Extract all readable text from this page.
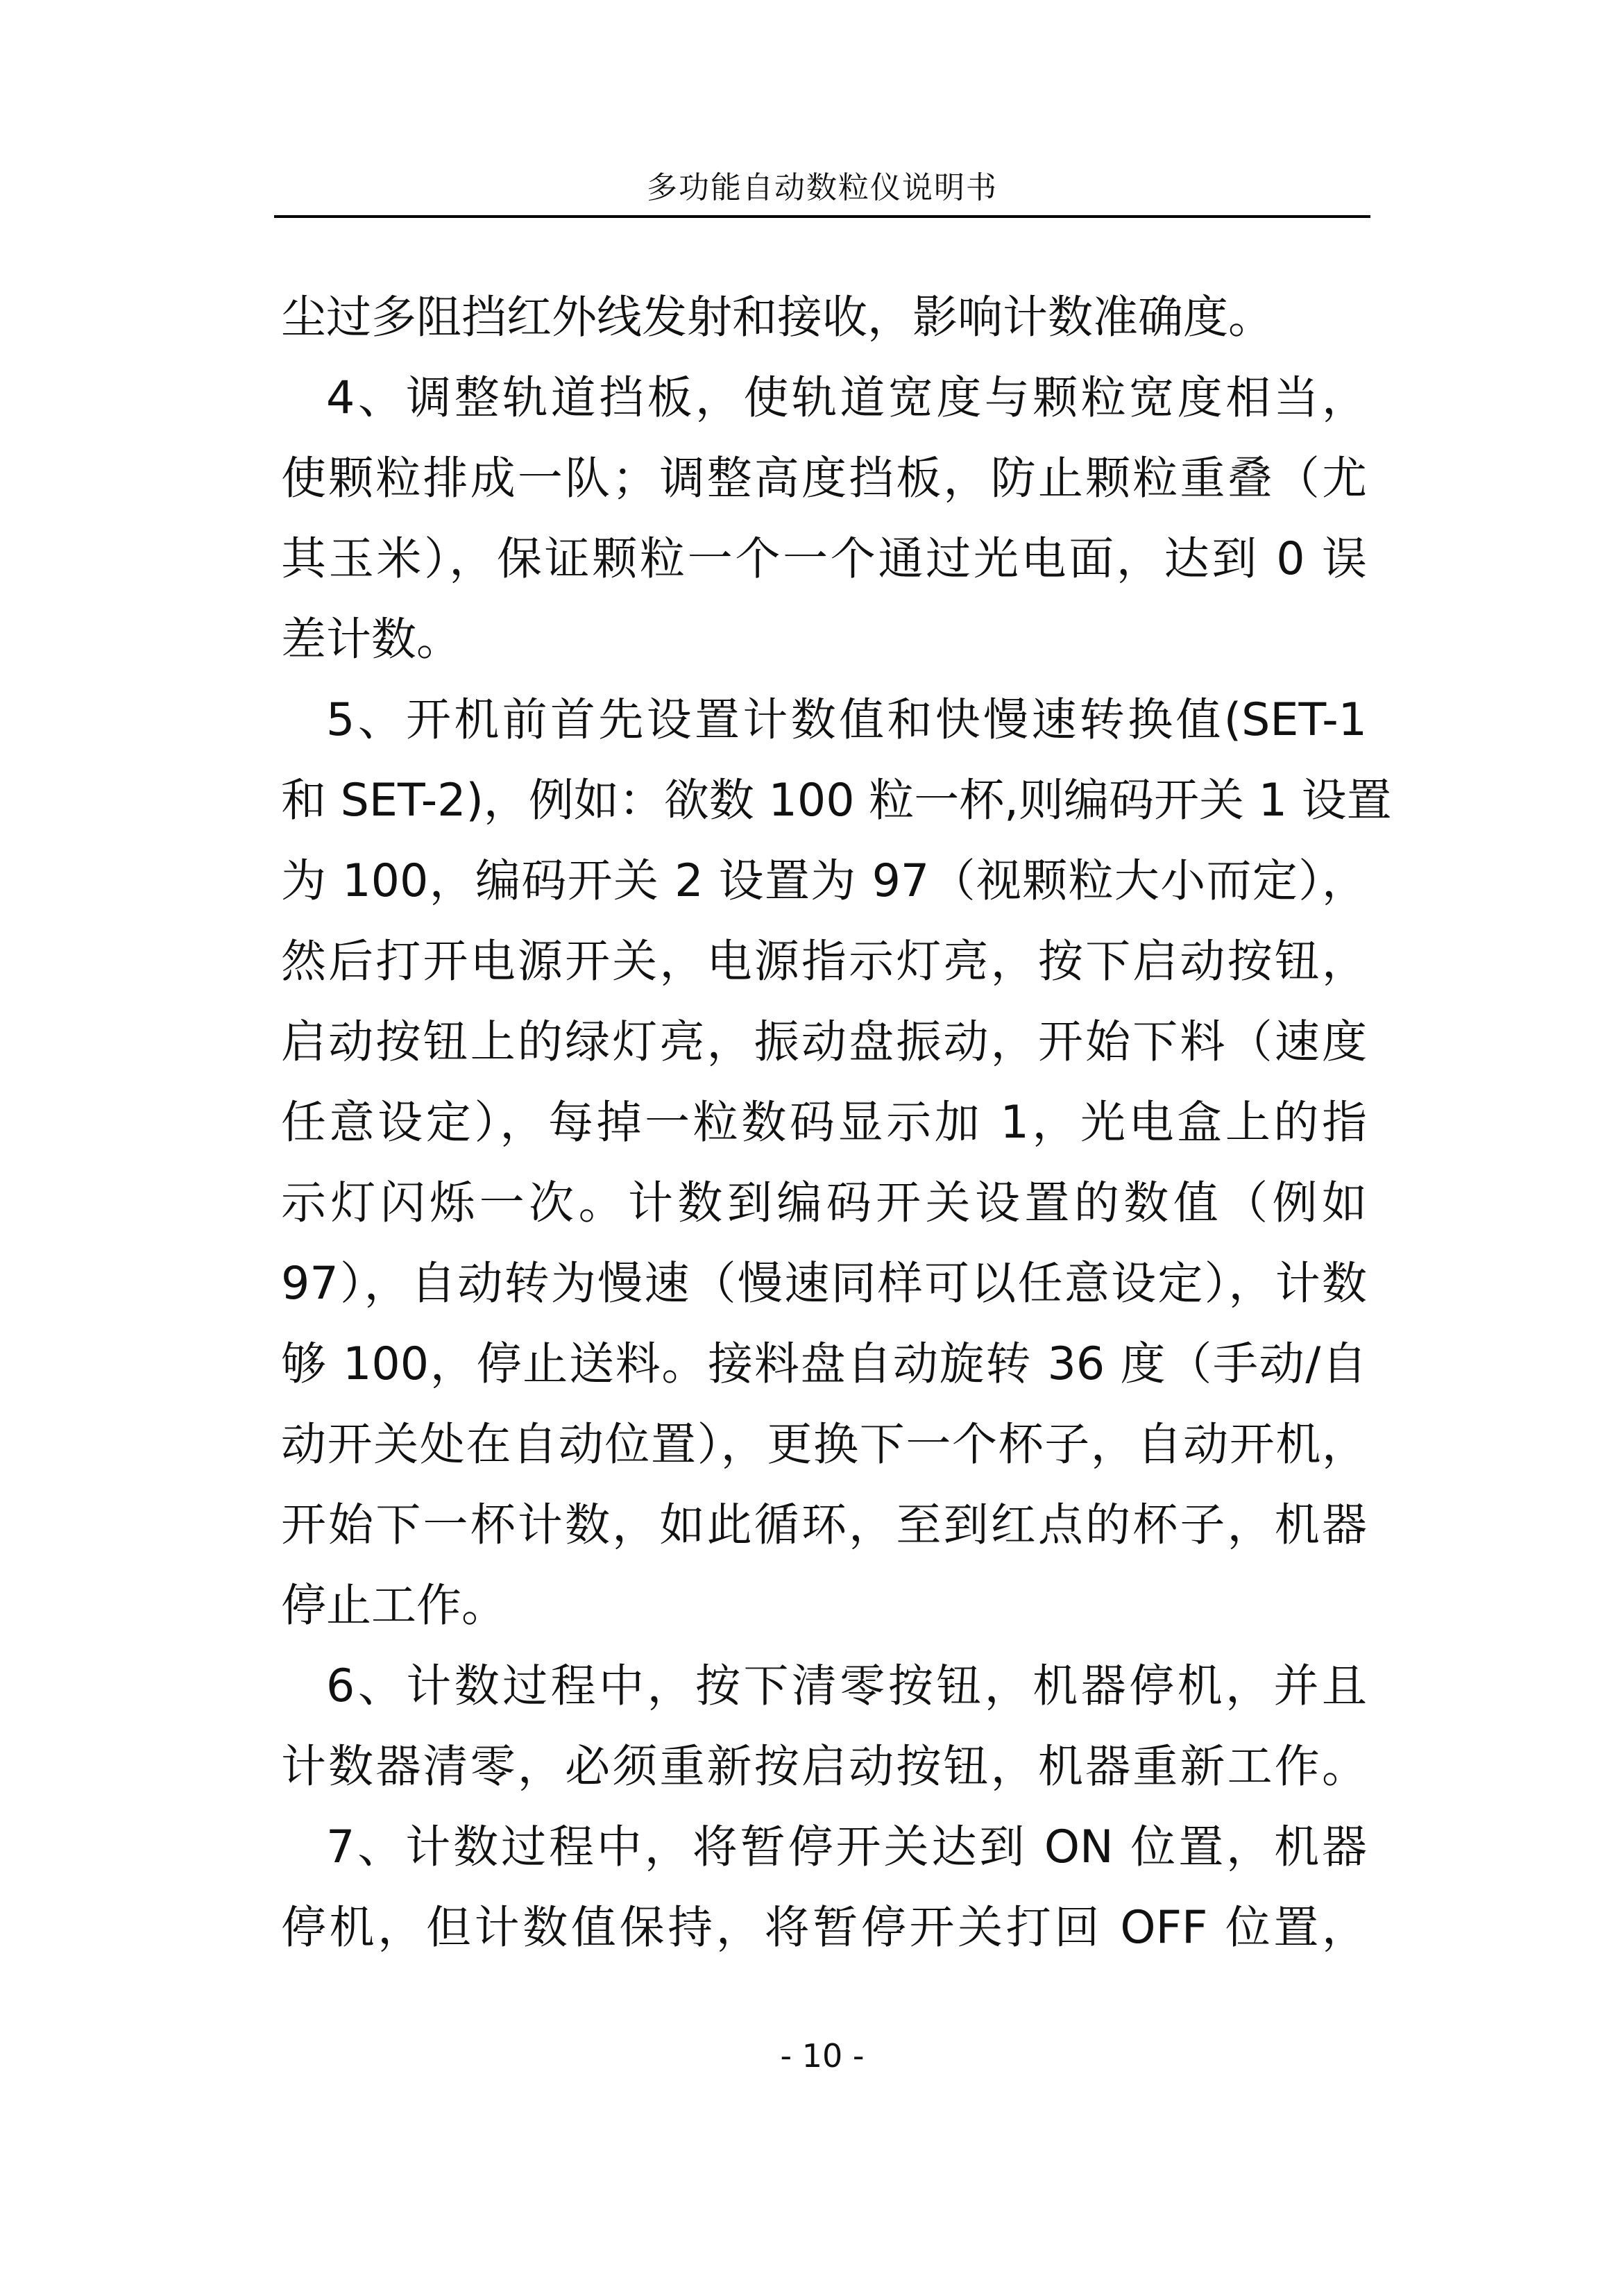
多功能自动数粒仪说明书
尘过多阻挡红外线发射和接收，影响计数准确度。
4、调整轨道挡板，使轨道宽度与颗粒宽度相当，
使颗粒排成一队；调整高度挡板，防止颗粒重叠（尤
其玉米），保证颗粒一个一个通过光电面，达到 0 误
差计数。
5、开机前首先设置计数值和快慢速转换值(SET-1
和 SET-2)，例如：欲数 100 粒一杯,则编码开关 1 设置
为 100，编码开关 2 设置为 97（视颗粒大小而定），
然后打开电源开关，电源指示灯亮，按下启动按钮，
启动按钮上的绿灯亮，振动盘振动，开始下料（速度
任意设定），每掉一粒数码显示加 1，光电盒上的指
示灯闪烁一次。计数到编码开关设置的数值（例如
97），自动转为慢速（慢速同样可以任意设定），计数
够 100，停止送料。接料盘自动旋转 36 度（手动/自
动开关处在自动位置），更换下一个杯子，自动开机，
开始下一杯计数，如此循环，至到红点的杯子，机器
停止工作。
6、计数过程中，按下清零按钮，机器停机，并且
计数器清零，必须重新按启动按钮，机器重新工作。
7、计数过程中，将暂停开关达到 ON 位置，机器
停机，但计数值保持，将暂停开关打回 OFF 位置，
- 10 -
